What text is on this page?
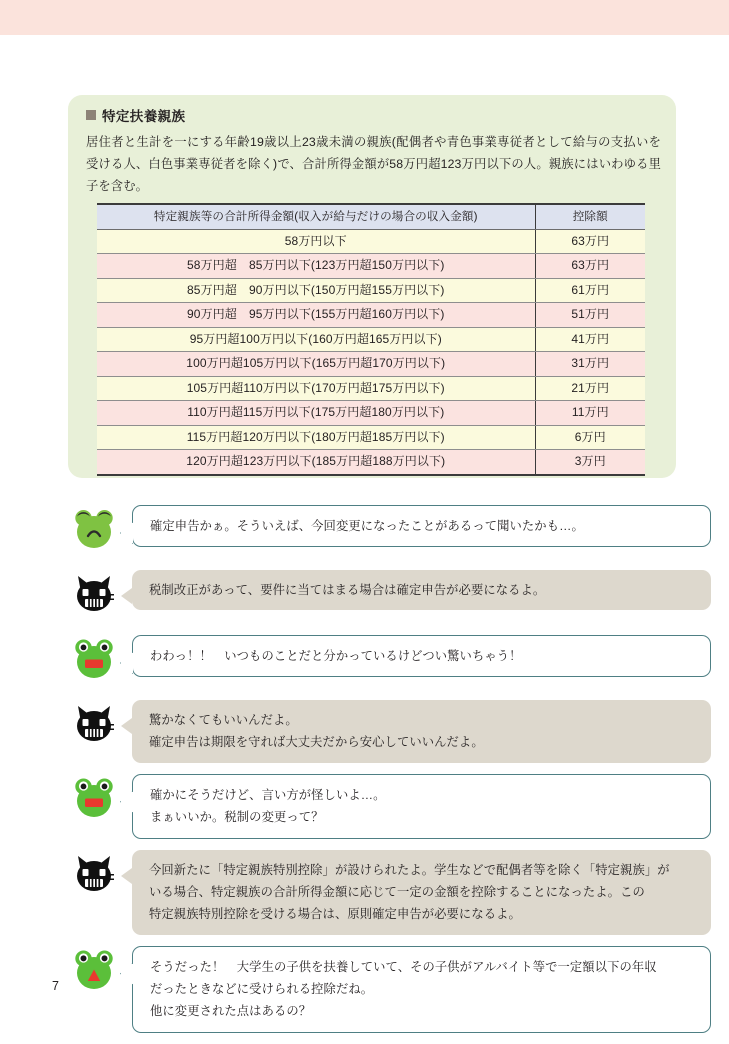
特定扶養親族
居住者と生計を一にする年齢19歳以上23歳未満の親族(配偶者や青色事業専従者として給与の支払いを受ける人、白色事業専従者を除く)で、合計所得金額が58万円超123万円以下の人。親族にはいわゆる里子を含む。
特定親族等の合計所得金額(収入が給与だけの場合の収入金額)	控除額
58万円以下	63万円
58万円超　85万円以下(123万円超150万円以下)	63万円
85万円超　90万円以下(150万円超155万円以下)	61万円
90万円超　95万円以下(155万円超160万円以下)	51万円
95万円超100万円以下(160万円超165万円以下)	41万円
100万円超105万円以下(165万円超170万円以下)	31万円
105万円超110万円以下(170万円超175万円以下)	21万円
110万円超115万円以下(175万円超180万円以下)	11万円
115万円超120万円以下(180万円超185万円以下)	6万円
120万円超123万円以下(185万円超188万円以下)	3万円

確定申告かぁ。そういえば、今回変更になったことがあるって聞いたかも…。

税制改正があって、要件に当てはまる場合は確定申告が必要になるよ。

わわっ！！　いつものことだと分かっているけどつい驚いちゃう！

驚かなくてもいいんだよ。

確定申告は期限を守れば大丈夫だから安心していいんだよ。

確かにそうだけど、言い方が怪しいよ…。

まぁいいか。税制の変更って？

今回新たに「特定親族特別控除」が設けられたよ。学生などで配偶者等を除く「特定親族」が

いる場合、特定親族の合計所得金額に応じて一定の金額を控除することになったよ。この

特定親族特別控除を受ける場合は、原則確定申告が必要になるよ。

そうだった！　大学生の子供を扶養していて、その子供がアルバイト等で一定額以下の年収

だったときなどに受けられる控除だね。

他に変更された点はあるの？

7
